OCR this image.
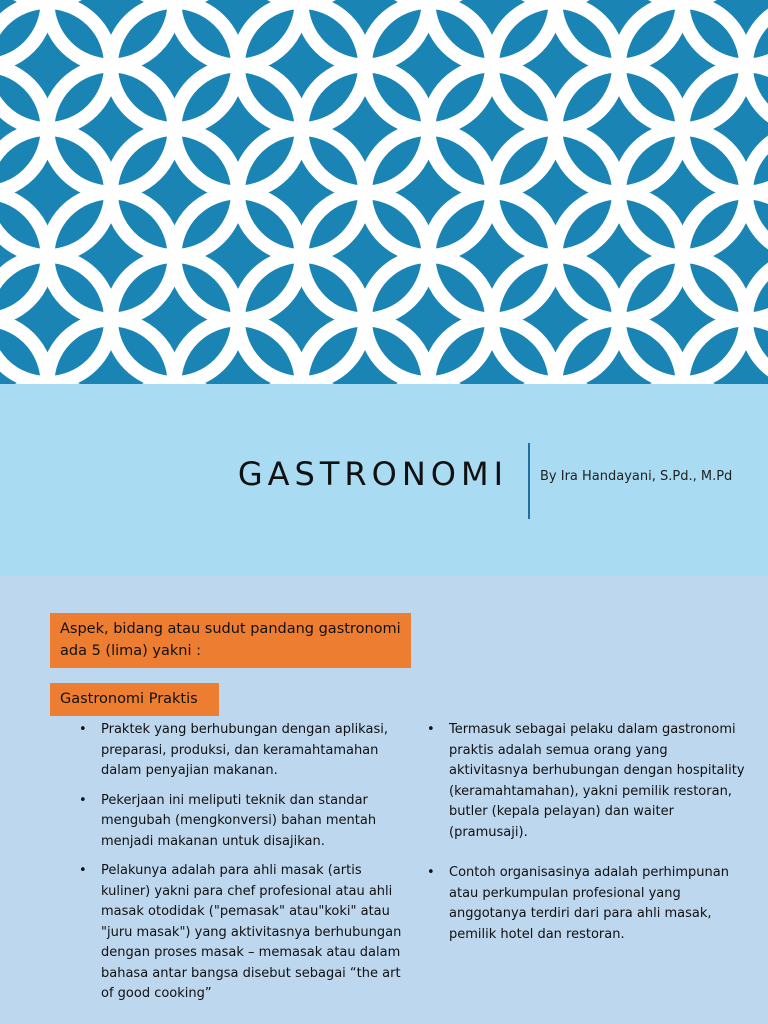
GASTRONOMI By Ira Handayani, S.Pd., M.Pd
Aspek, bidang atau sudut pandang gastronomi ada 5 (lima) yakni :
Gastronomi Praktis
• Praktek yang berhubungan dengan aplikasi, preparasi, produksi, dan keramahtamahan dalam penyajian makanan.
• Pekerjaan ini meliputi teknik dan standar mengubah (mengkonversi) bahan mentah menjadi makanan untuk disajikan.
• Pelakunya adalah para ahli masak (artis kuliner) yakni para chef profesional atau ahli masak otodidak ("pemasak" atau"koki" atau "juru masak") yang aktivitasnya berhubungan dengan proses masak – memasak atau dalam bahasa antar bangsa disebut sebagai “the art of good cooking”
• Termasuk sebagai pelaku dalam gastronomi praktis adalah semua orang yang aktivitasnya berhubungan dengan hospitality (keramahtamahan), yakni pemilik restoran, butler (kepala pelayan) dan waiter (pramusaji).
• Contoh organisasinya adalah perhimpunan atau perkumpulan profesional yang anggotanya terdiri dari para ahli masak, pemilik hotel dan restoran.
